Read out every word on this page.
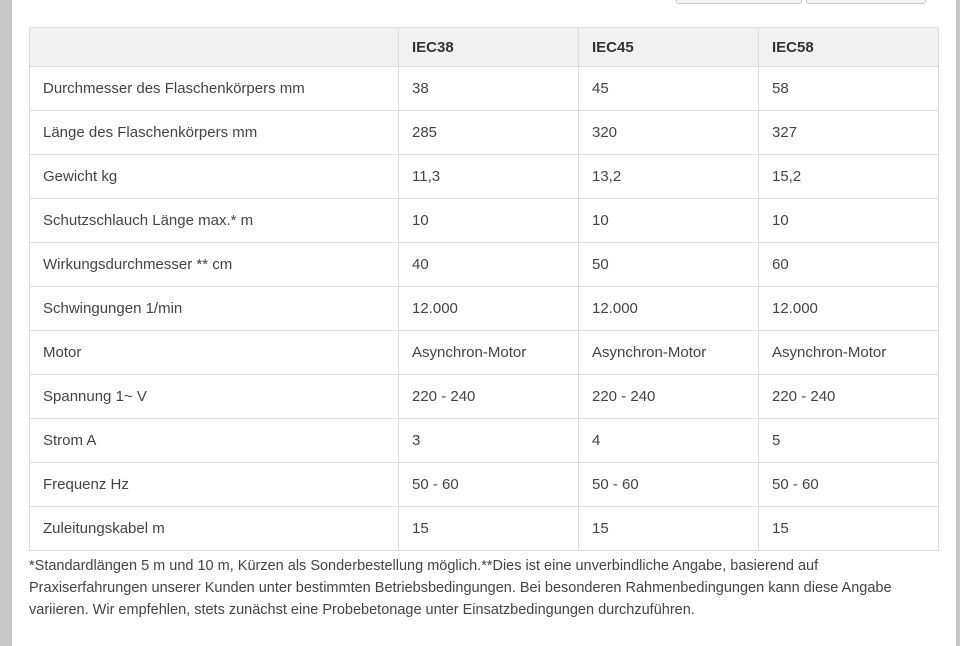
	IEC38	IEC45	IEC58
Durchmesser des Flaschenkörpers mm	38	45	58
Länge des Flaschenkörpers mm	285	320	327
Gewicht kg	11,3	13,2	15,2
Schutzschlauch Länge max.* m	10	10	10
Wirkungsdurchmesser ** cm	40	50	60
Schwingungen 1/min	12.000	12.000	12.000
Motor	Asynchron-Motor	Asynchron-Motor	Asynchron-Motor
Spannung 1~ V	220 - 240	220 - 240	220 - 240
Strom A	3	4	5
Frequenz Hz	50 - 60	50 - 60	50 - 60
Zuleitungskabel m	15	15	15

*Standardlängen 5 m und 10 m, Kürzen als Sonderbestellung möglich.**Dies ist eine unverbindliche Angabe, basierend auf Praxiserfahrungen unserer Kunden unter bestimmten Betriebsbedingungen. Bei besonderen Rahmenbedingungen kann diese Angabe variieren. Wir empfehlen, stets zunächst eine Probebetonage unter Einsatzbedingungen durchzuführen.
